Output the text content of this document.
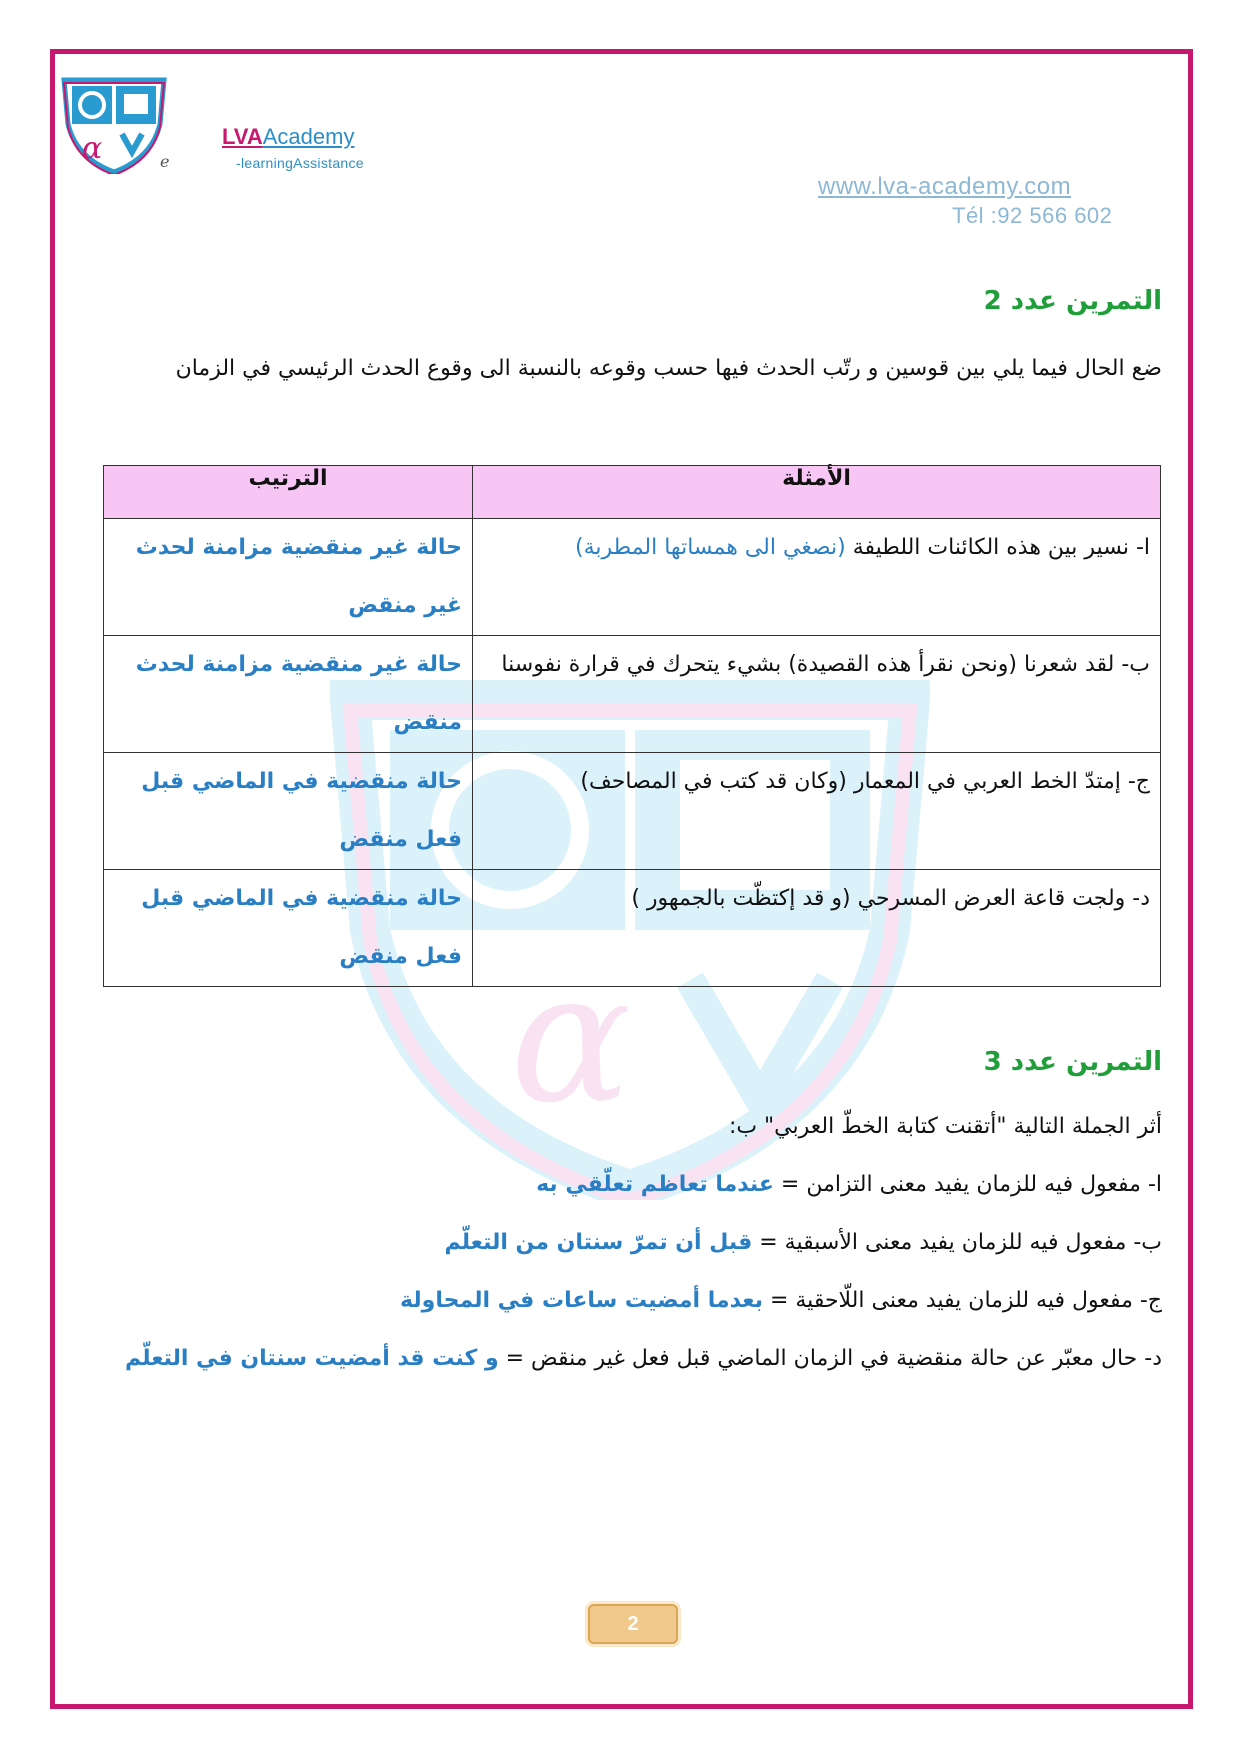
α
α	e
LVAAcademy
-learningAssistance
www.lva-academy.com
Tél :92 566 602
التمرين عدد 2
ضع الحال فيما يلي بين قوسين و رتّب الحدث فيها حسب وقوعه بالنسبة الى وقوع الحدث الرئيسي في الزمان
الأمثلة	الترتيب
ا- نسير بين هذه الكائنات اللطيفة (نصغي الى همساتها المطربة)	حالة غير منقضية مزامنة لحدث غير منقض
ب- لقد شعرنا (ونحن نقرأ هذه القصيدة) بشيء يتحرك في قرارة نفوسنا	حالة غير منقضية مزامنة لحدث منقض
ج- إمتدّ الخط العربي في المعمار (وكان قد كتب في المصاحف)	حالة منقضية في الماضي قبل فعل منقض
د- ولجت قاعة العرض المسرحي (و قد إكتظّت بالجمهور )	حالة منقضية في الماضي قبل فعل منقض
التمرين عدد 3
أثر الجملة التالية "أتقنت كتابة الخطّ العربي" ب:
ا- مفعول فيه للزمان يفيد معنى التزامن = عندما تعاظم تعلّقي به
ب- مفعول فيه للزمان يفيد معنى الأسبقية = قبل أن تمرّ سنتان من التعلّم
ج- مفعول فيه للزمان يفيد معنى اللّاحقية = بعدما أمضيت ساعات في المحاولة
د- حال معبّر عن حالة منقضية في الزمان الماضي قبل فعل غير منقض = و كنت قد أمضيت سنتان في التعلّم
2
